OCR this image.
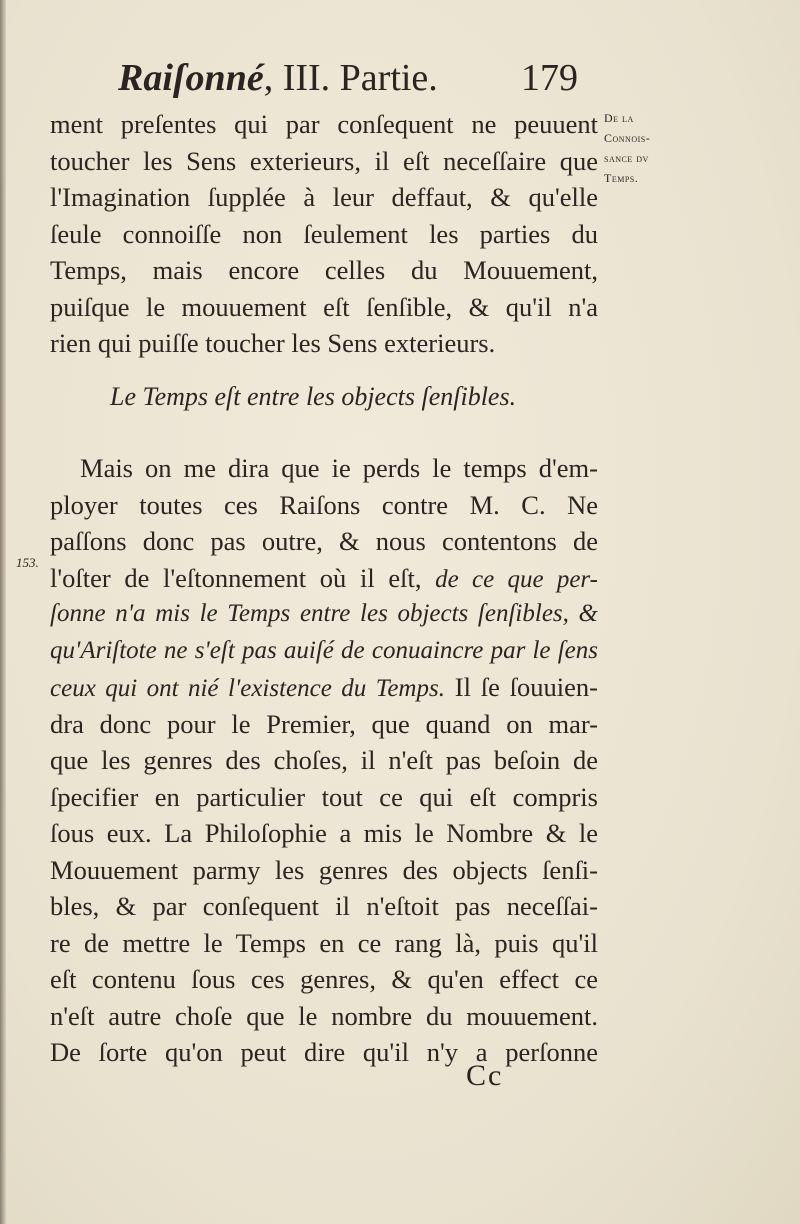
Raiſonné, III. Partie. 179
De la
Connois-
sance dv
Temps.
ment preſentes qui par conſequent ne peuuent
toucher les Sens exterieurs, il eſt neceſſaire que
l'Imagination ſupplée à leur deffaut, & qu'elle
ſeule connoiſſe non ſeulement les parties du
Temps, mais encore celles du Mouuement,
puiſque le mouuement eſt ſenſible, & qu'il n'a
rien qui puiſſe toucher les Sens exterieurs.
Le Temps eſt entre les objects ſenſibles.
153.
Mais on me dira que ie perds le temps d'em-
ployer toutes ces Raiſons contre M. C. Ne
paſſons donc pas outre, & nous contentons de
l'oſter de l'eſtonnement où il eſt, de ce que per-
ſonne n'a mis le Temps entre les objects ſenſibles, &
qu'Ariſtote ne s'eſt pas auiſé de conuaincre par le ſens
ceux qui ont nié l'existence du Temps. Il ſe ſouuien-
dra donc pour le Premier, que quand on mar-
que les genres des choſes, il n'eſt pas beſoin de
ſpecifier en particulier tout ce qui eſt compris
ſous eux. La Philoſophie a mis le Nombre & le
Mouuement parmy les genres des objects ſenſi-
bles, & par conſequent il n'eſtoit pas neceſſai-
re de mettre le Temps en ce rang là, puis qu'il
eſt contenu ſous ces genres, & qu'en effect ce
n'eſt autre choſe que le nombre du mouuement.
De ſorte qu'on peut dire qu'il n'y a perſonne
Cc
